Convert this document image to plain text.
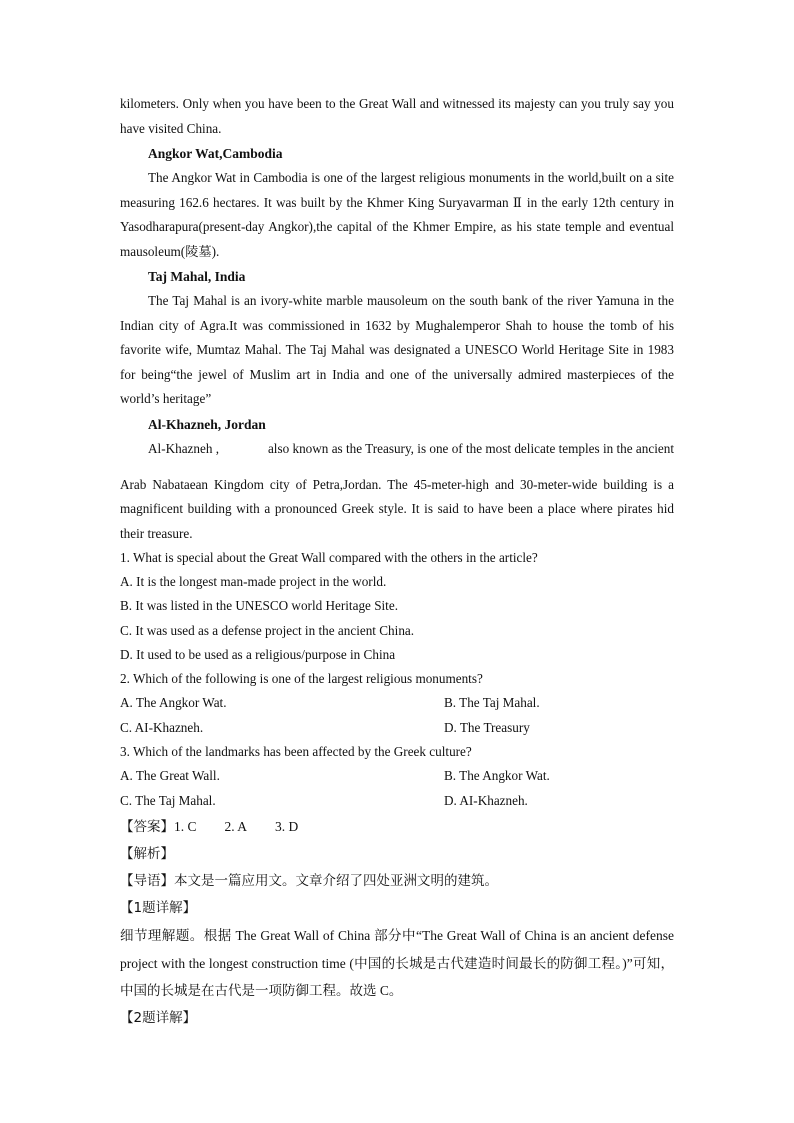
kilometers. Only when you have been to the Great Wall and witnessed its majesty can you truly say you have visited China.

Angkor Wat,Cambodia

The Angkor Wat in Cambodia is one of the largest religious monuments in the world,built on a site measuring 162.6 hectares. It was built by the Khmer King Suryavarman Ⅱ in the early 12th century in Yasodharapura(present-day Angkor),the capital of the Khmer Empire, as his state temple and eventual mausoleum(陵墓).

Taj Mahal, India

The Taj Mahal is an ivory-white marble mausoleum on the south bank of the river Yamuna in the Indian city of Agra.It was commissioned in 1632 by Mughalemperor Shah to house the tomb of his favorite wife, Mumtaz Mahal. The Taj Mahal was designated a UNESCO World Heritage Site in 1983 for being“the jewel of Muslim art in India and one of the universally admired masterpieces of the world’s heritage”

Al-Khazneh, Jordan

Al-Khazneh ,	also known as the Treasury, is one of the most delicate temples in the ancient

Arab Nabataean Kingdom city of Petra,Jordan. The 45-meter-high and 30-meter-wide building is a magnificent building with a pronounced Greek style. It is said to have been a place where pirates hid their treasure.

1. What is special about the Great Wall compared with the others in the article?

A. It is the longest man-made project in the world.

B. It was listed in the UNESCO world Heritage Site.

C. It was used as a defense project in the ancient China.

D. It used to be used as a religious/purpose in China

2. Which of the following is one of the largest religious monuments?

A. The Angkor Wat.	B. The Taj Mahal.
C. AI-Khazneh.	D. The Treasury

3. Which of the landmarks has been affected by the Greek culture?

A. The Great Wall.	B. The Angkor Wat.
C. The Taj Mahal.	D. AI-Khazneh.

【答案】1. C 2. A 3. D

【解析】

【导语】本文是一篇应用文。文章介绍了四处亚洲文明的建筑。

【1题详解】

细节理解题。根据 The Great Wall of China 部分中“The Great Wall of China is an ancient defense project with the longest construction time (中国的长城是古代建造时间最长的防御工程。)”可知，中国的长城是在古代是一项防御工程。故选 C。

【2题详解】
